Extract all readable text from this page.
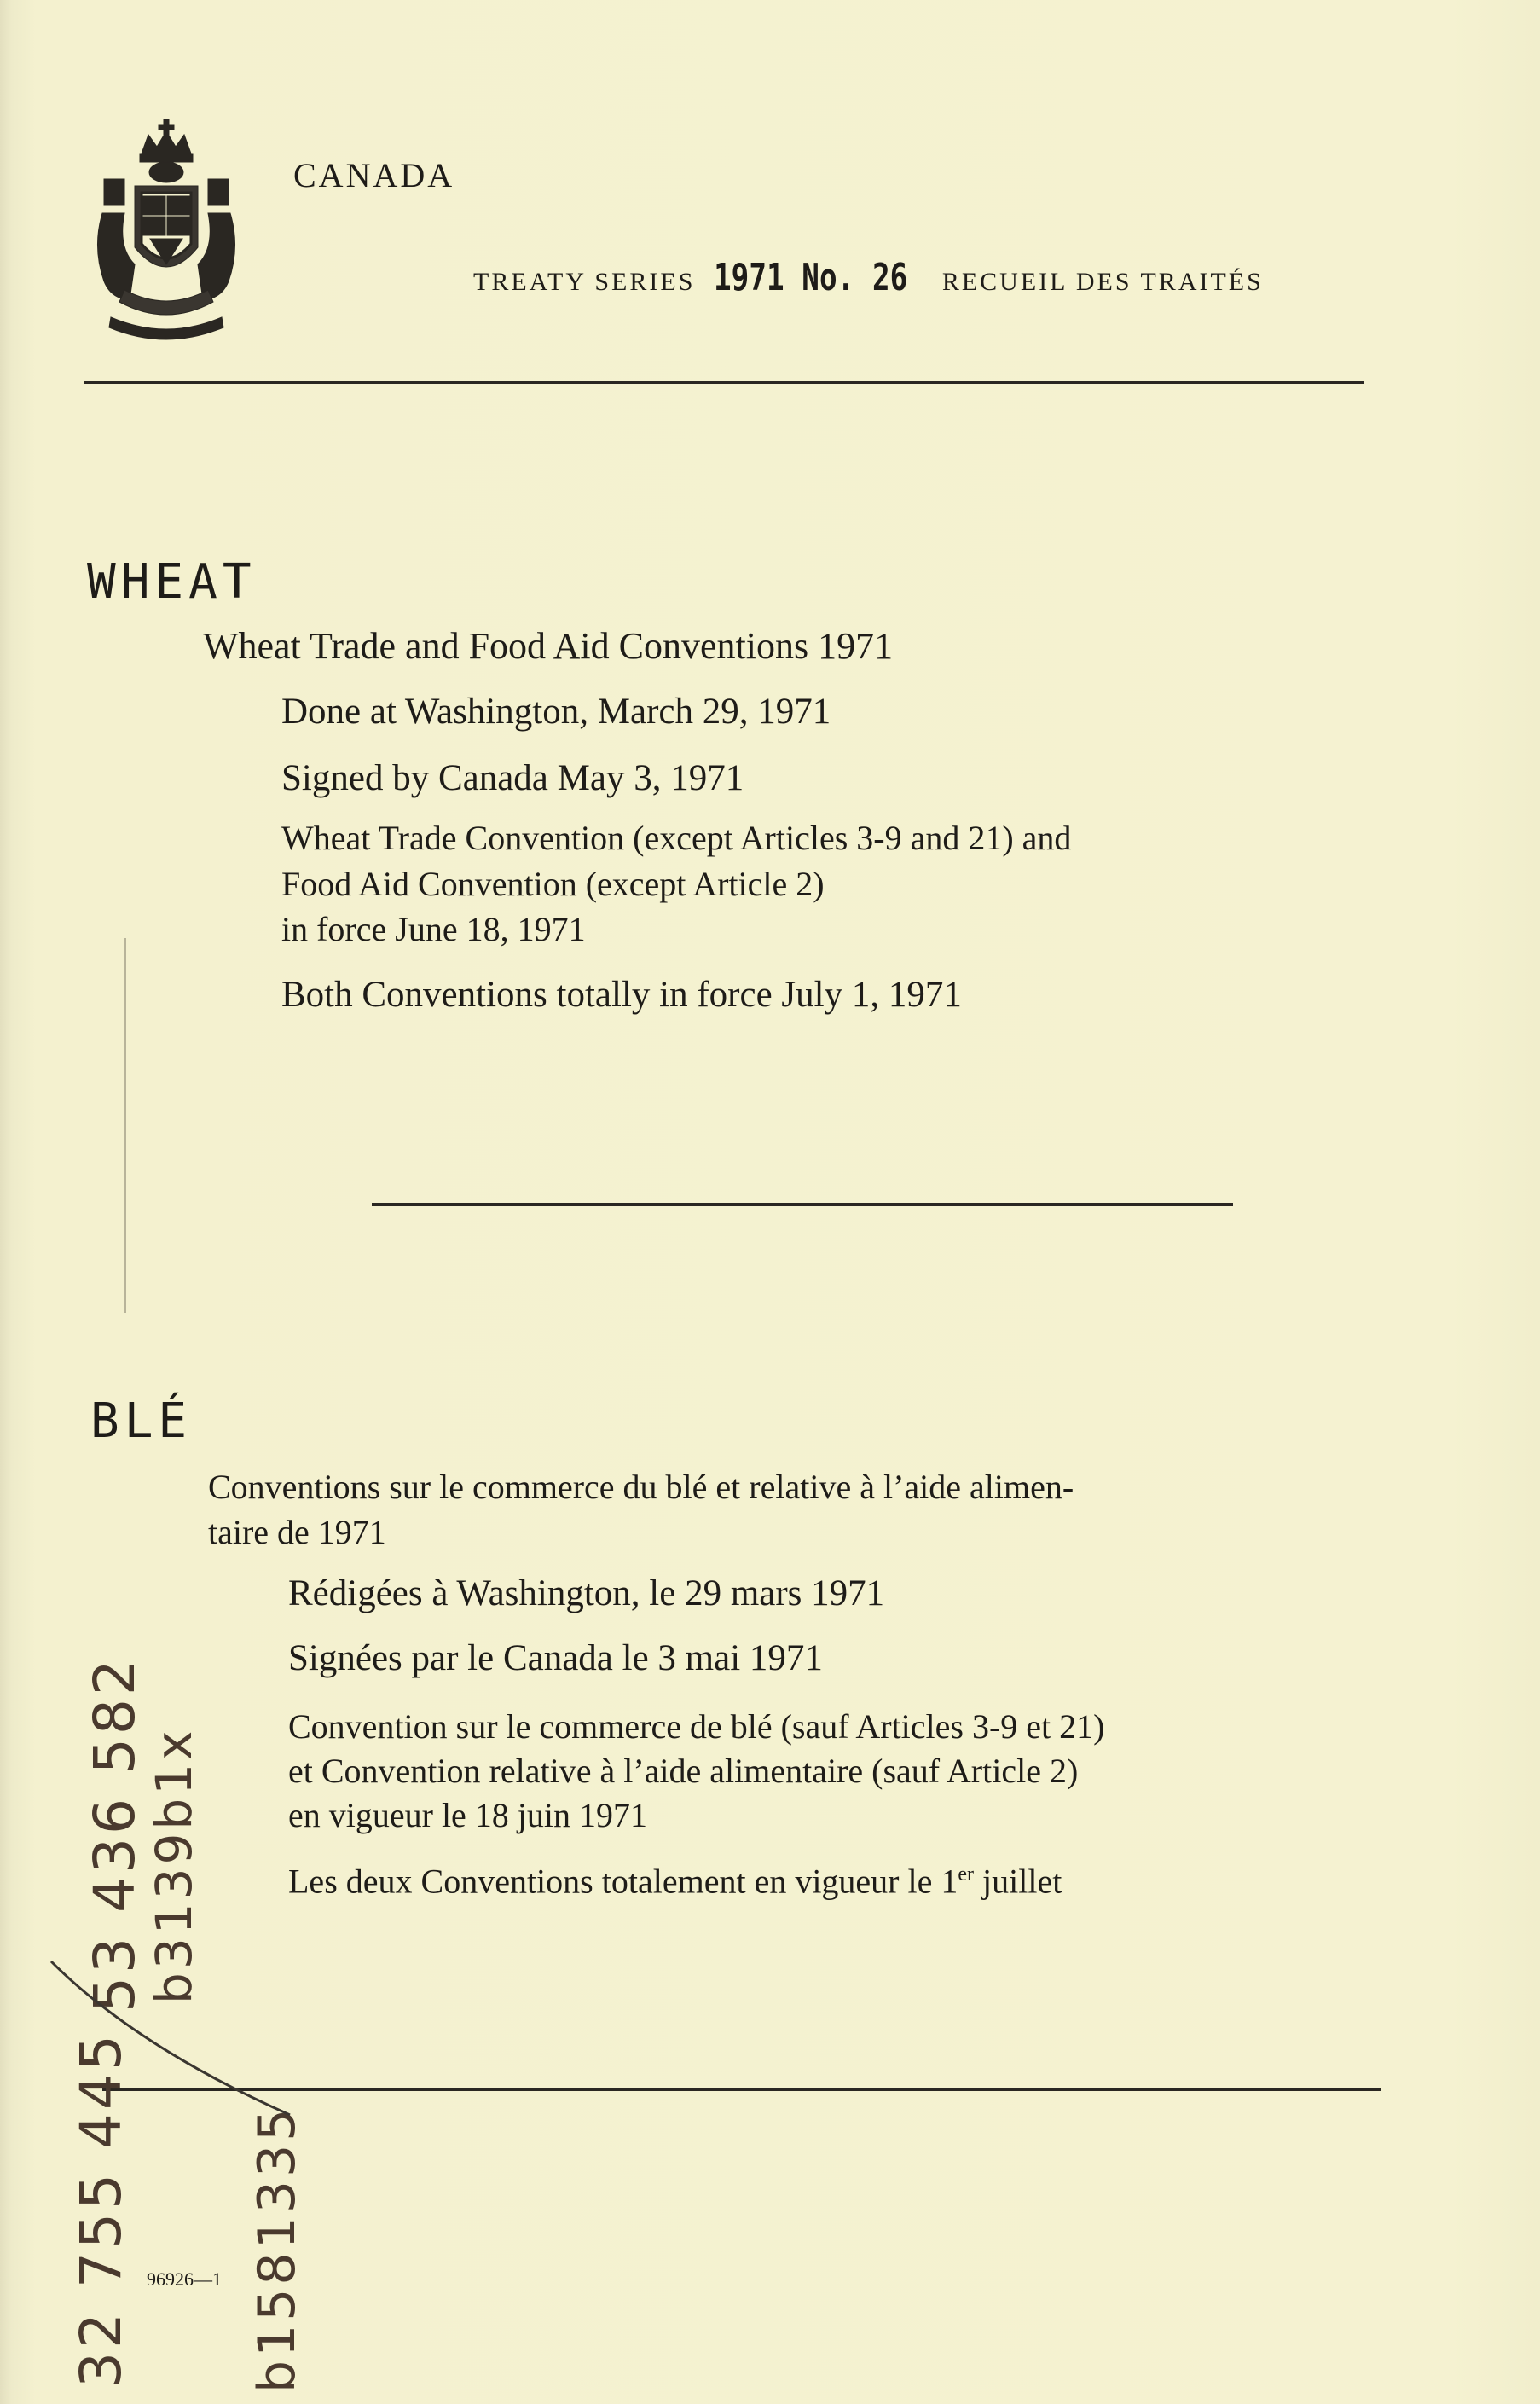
CANADA
TREATY SERIES 1971 No. 26 RECUEIL DES TRAITÉS
WHEAT
Wheat Trade and Food Aid Conventions 1971
Done at Washington, March 29, 1971
Signed by Canada May 3, 1971
Wheat Trade Convention (except Articles 3-9 and 21) and
Food Aid Convention (except Article 2)
in force June 18, 1971
Both Conventions totally in force July 1, 1971
BLÉ
Conventions sur le commerce du blé et relative à l’aide alimen-
taire de 1971
Rédigées à Washington, le 29 mars 1971
Signées par le Canada le 3 mai 1971
Convention sur le commerce de blé (sauf Articles 3-9 et 21)
et Convention relative à l’aide alimentaire (sauf Article 2)
en vigueur le 18 juin 1971
Les deux Conventions totalement en vigueur le 1er juillet
53 436 582
b3139b1x
32 755 445 b1581335
96926—1
